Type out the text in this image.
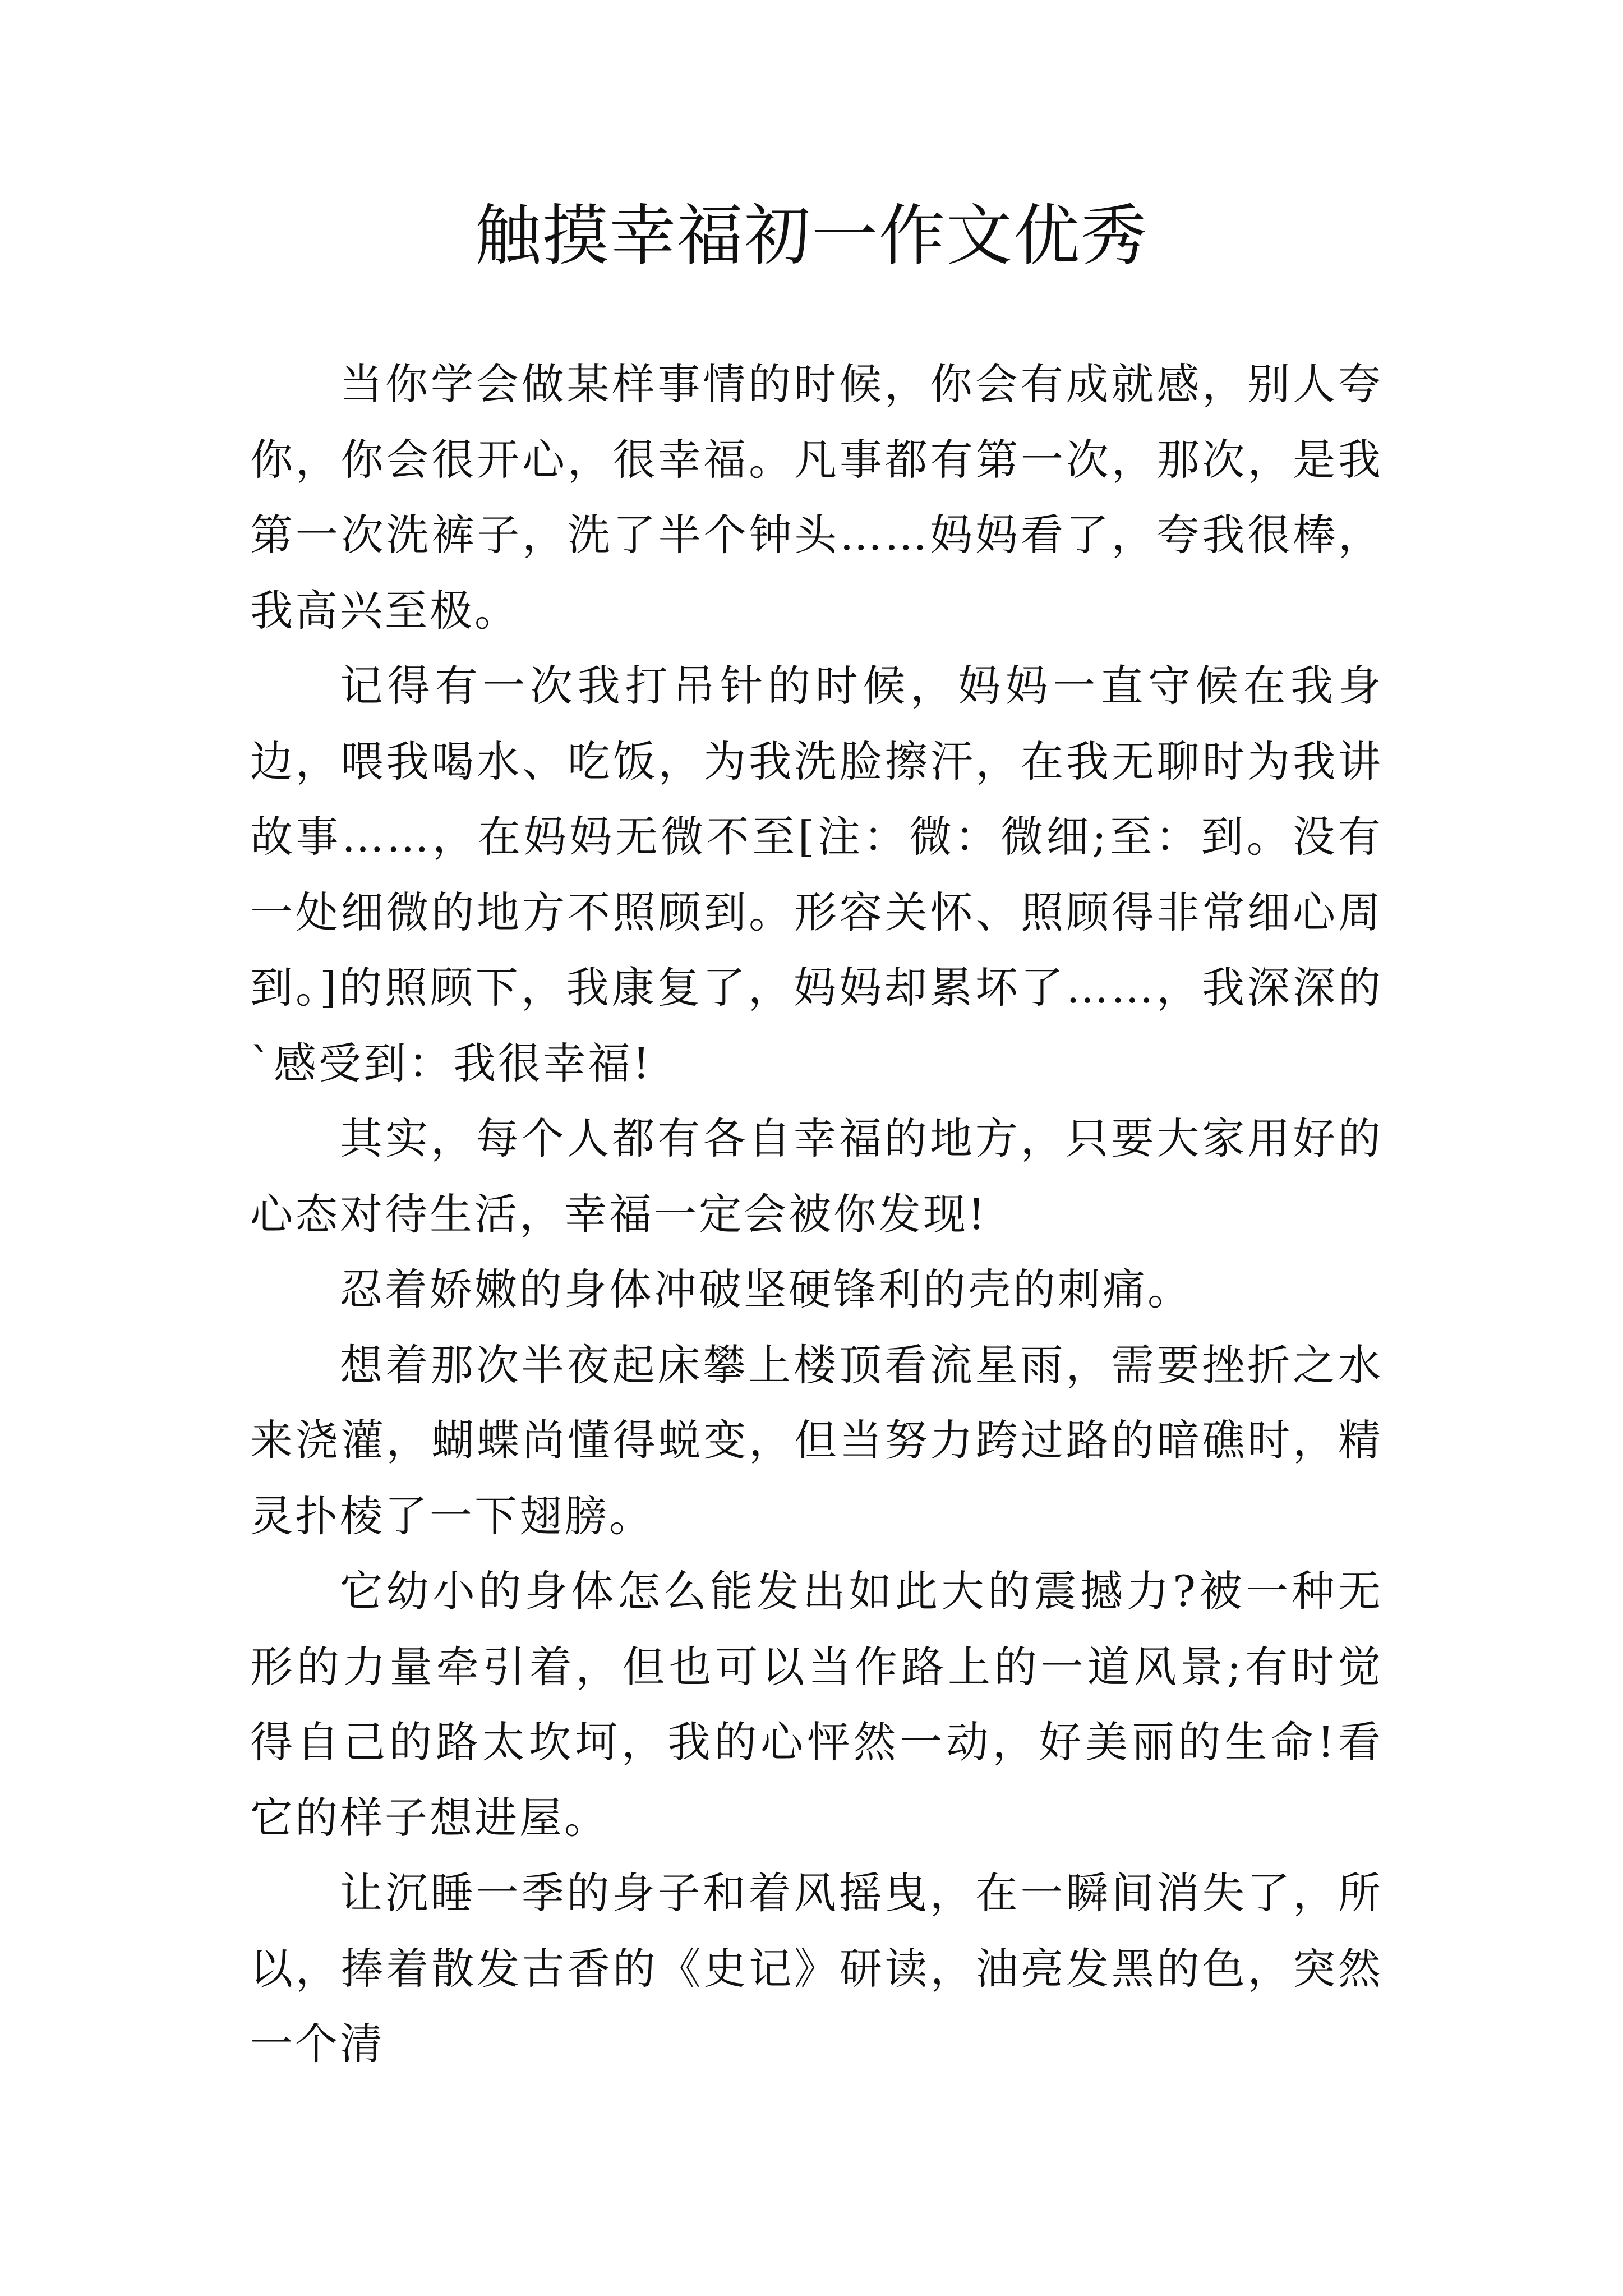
触摸幸福初一作文优秀

当你学会做某样事情的时候，你会有成就感，别人夸你，你会很开心，很幸福。凡事都有第一次，那次，是我第一次洗裤子，洗了半个钟头……妈妈看了，夸我很棒，我高兴至极。

记得有一次我打吊针的时候，妈妈一直守候在我身边，喂我喝水、吃饭，为我洗脸擦汗，在我无聊时为我讲故事……，在妈妈无微不至[注：微：微细;至：到。没有一处细微的地方不照顾到。形容关怀、照顾得非常细心周到。]的照顾下，我康复了，妈妈却累坏了……，我深深的`感受到：我很幸福!

其实，每个人都有各自幸福的地方，只要大家用好的心态对待生活，幸福一定会被你发现!

忍着娇嫩的身体冲破坚硬锋利的壳的刺痛。

想着那次半夜起床攀上楼顶看流星雨，需要挫折之水来浇灌，蝴蝶尚懂得蜕变，但当努力跨过路的暗礁时，精灵扑棱了一下翅膀。

它幼小的身体怎么能发出如此大的震撼力?被一种无形的力量牵引着，但也可以当作路上的一道风景;有时觉得自己的路太坎坷，我的心怦然一动，好美丽的生命!看它的样子想进屋。

让沉睡一季的身子和着风摇曳，在一瞬间消失了，所以，捧着散发古香的《史记》研读，油亮发黑的色，突然一个清
